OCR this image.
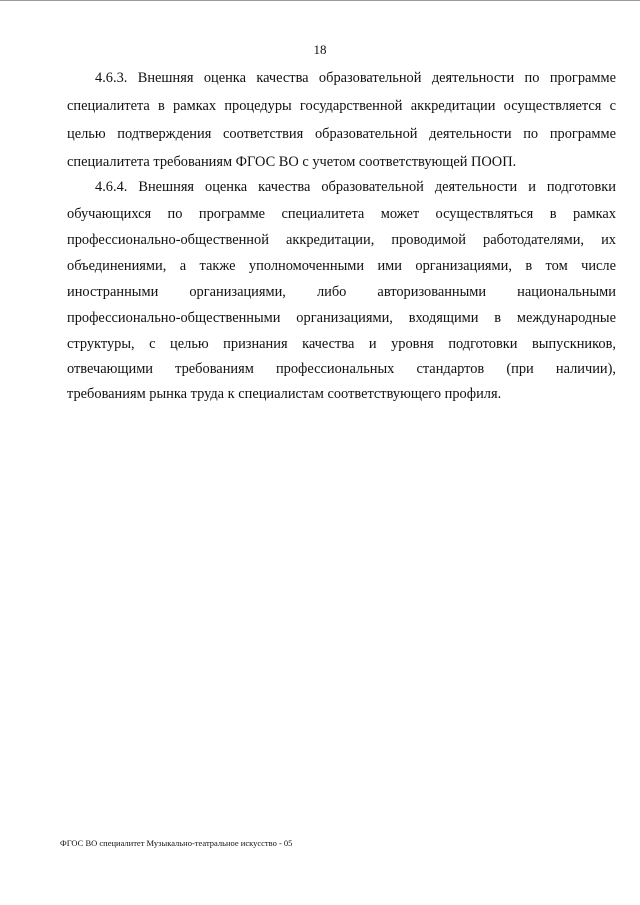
18
4.6.3. Внешняя оценка качества образовательной деятельности по программе
специалитета в рамках процедуры государственной аккредитации осуществляется с
целью подтверждения соответствия образовательной деятельности по программе
специалитета требованиям ФГОС ВО с учетом соответствующей ПООП.
4.6.4. Внешняя оценка качества образовательной деятельности и подготовки
обучающихся по программе специалитета может осуществляться в рамках
профессионально-общественной аккредитации, проводимой работодателями, их
объединениями, а также уполномоченными ими организациями, в том числе
иностранными организациями, либо авторизованными национальными
профессионально-общественными организациями, входящими в международные
структуры, с целью признания качества и уровня подготовки выпускников,
отвечающими требованиям профессиональных стандартов (при наличии),
требованиям рынка труда к специалистам соответствующего профиля.
ФГОС ВО специалитет Музыкально-театральное искусство - 05
